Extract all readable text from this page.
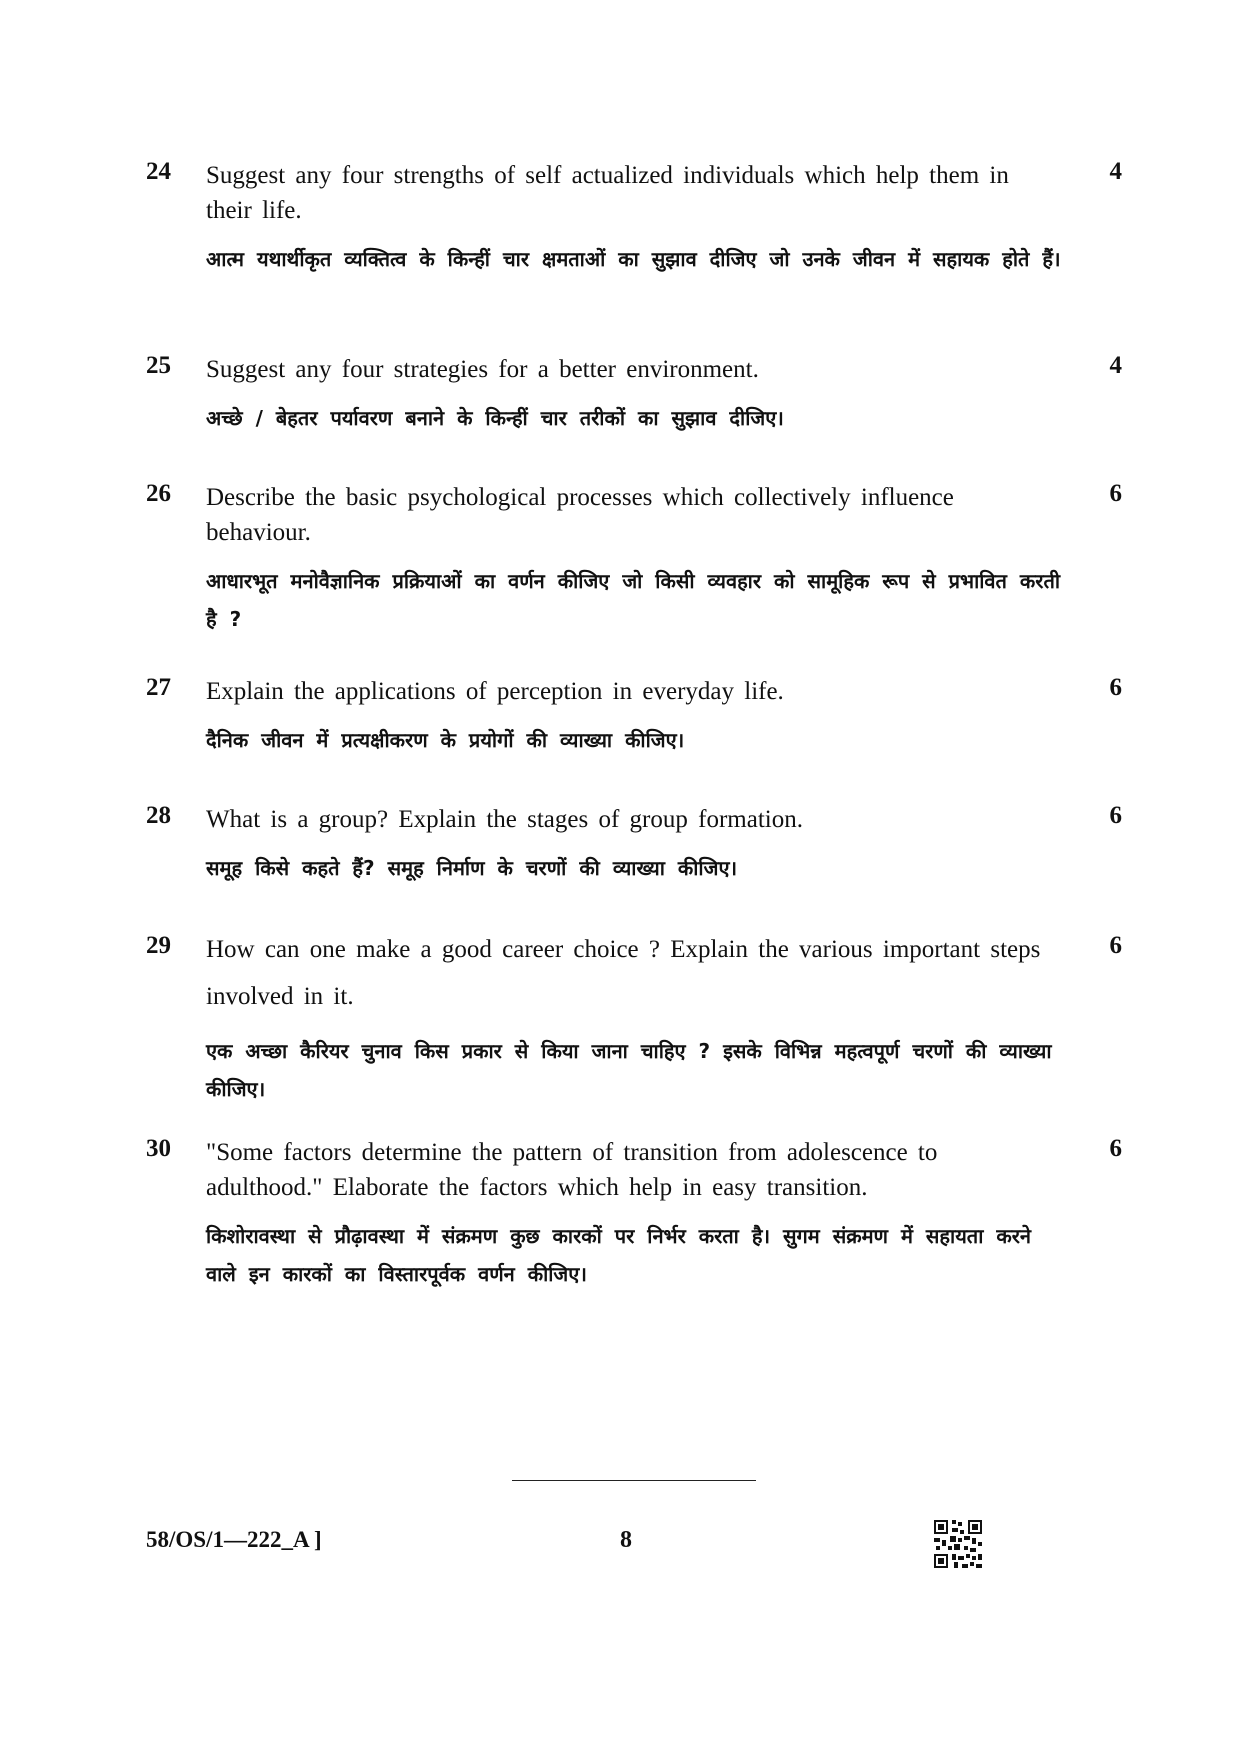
24	4
Suggest any four strengths of self actualized individuals which help them in their life.
आत्म यथार्थीकृत व्यक्तित्व के किन्हीं चार क्षमताओं का सुझाव दीजिए जो उनके जीवन में सहायक होते हैं।
25	4
Suggest any four strategies for a better environment.
अच्छे / बेहतर पर्यावरण बनाने के किन्हीं चार तरीकों का सुझाव दीजिए।
26	6
Describe the basic psychological processes which collectively influence behaviour.
आधारभूत मनोवैज्ञानिक प्रक्रियाओं का वर्णन कीजिए जो किसी व्यवहार को सामूहिक रूप से प्रभावित करती है ?
27	6
Explain the applications of perception in everyday life.
दैनिक जीवन में प्रत्यक्षीकरण के प्रयोगों की व्याख्या कीजिए।
28	6
What is a group? Explain the stages of group formation.
समूह किसे कहते हैं? समूह निर्माण के चरणों की व्याख्या कीजिए।
29	6
How can one make a good career choice ? Explain the various important steps involved in it.
एक अच्छा कैरियर चुनाव किस प्रकार से किया जाना चाहिए ? इसके विभिन्न महत्वपूर्ण चरणों की व्याख्या कीजिए।
30	6
"Some factors determine the pattern of transition from adolescence to adulthood." Elaborate the factors which help in easy transition.
किशोरावस्था से प्रौढ़ावस्था में संक्रमण कुछ कारकों पर निर्भर करता है। सुगम संक्रमण में सहायता करने वाले इन कारकों का विस्तारपूर्वक वर्णन कीजिए।
58/OS/1—222_A ]	8
